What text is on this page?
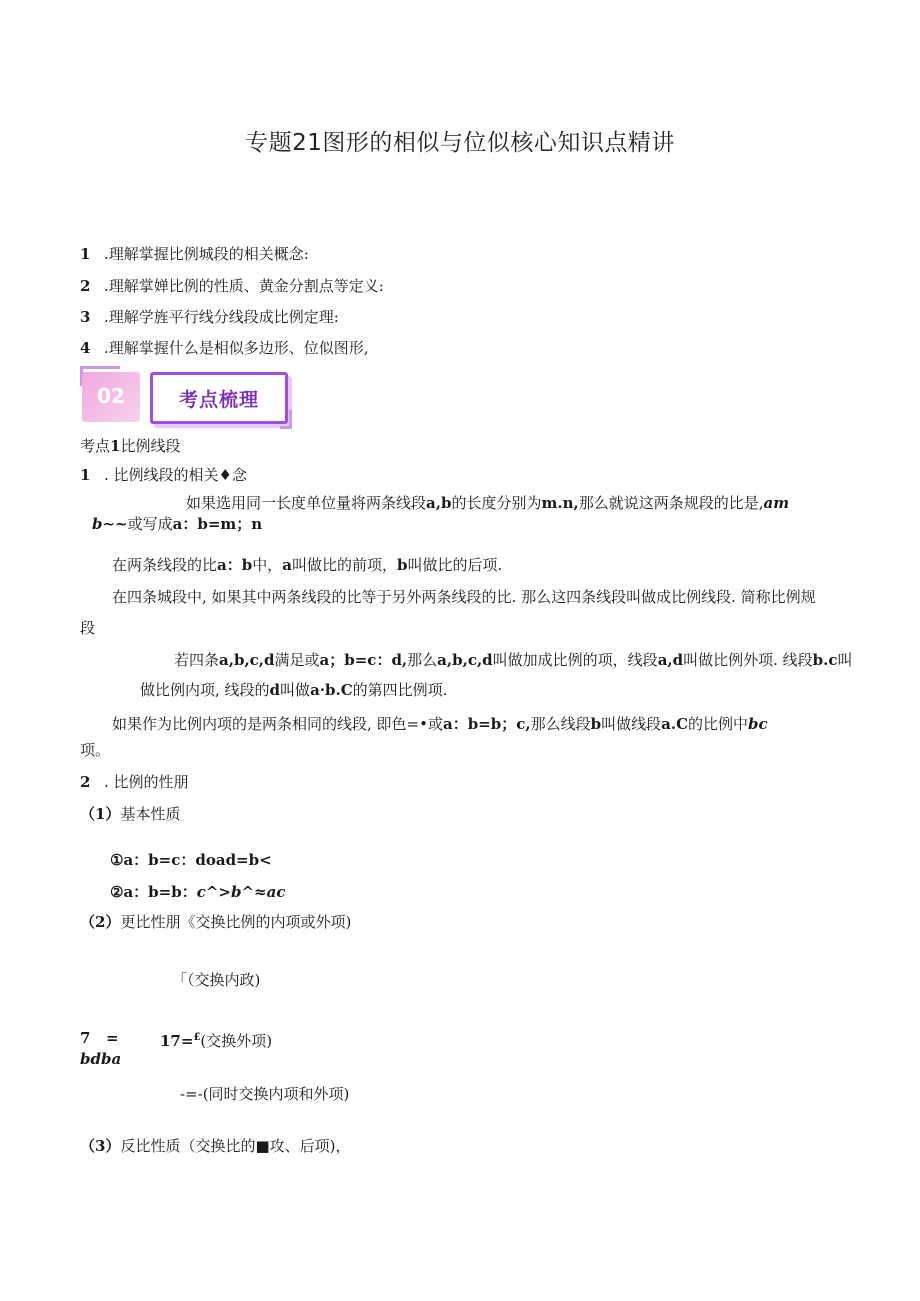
专题21图形的相似与位似核心知识点精讲
1 .理解掌握比例城段的相关概念:
2 .理解掌婵比例的性质、黄金分割点等定义:
3 .理解学旌平行线分线段成比例定理:
4 .理解掌握什么是相似多边形、位似图形,
02	考点梳理
考点1比例线段
1 . 比例线段的相关♦念
如果选用同一长度单位量将两条线段a,b的长度分别为m.n,那么就说这两条规段的比是,am
b~~或写成a：b=m；n
在两条线段的比a：b中，a叫做比的前项，b叫做比的后项.
在四条城段中, 如果其中两条线段的比等于另外两条线段的比. 那么这四条线段叫做成比例线段. 简称比例规
段
若四条a,b,c,d满足或a；b=c：d,那么a,b,c,d叫做加成比例的项，线段a,d叫做比例外项. 线段b.c叫
做比例内项, 线段的d叫做a·b.C的第四比例项.
如果作为比例内项的是两条相同的线段, 即色=•或a：b=b；c,那么线段b叫做线段a.C的比例中bc
项。
2 . 比例的性朋
（1）基本性质
①a：b=c：doad=b<
②a：b=b：c^>b^≈ac
（2）更比性朋《交换比例的内项或外项)
「（交换内政)
7 =	17=£(交换外项)
bdba
-=-(同时交换内项和外项)
（3）反比性质（交换比的■攻、后项)，
